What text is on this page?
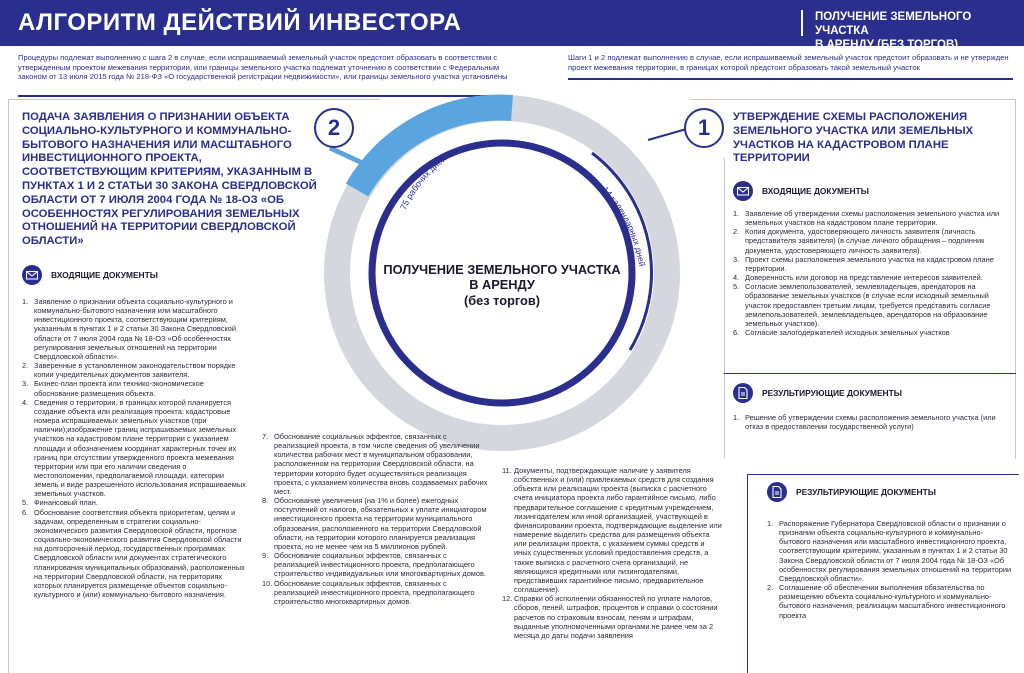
АЛГОРИТМ ДЕЙСТВИЙ ИНВЕСТОРА	ПОЛУЧЕНИЕ ЗЕМЕЛЬНОГО УЧАСТКА
В АРЕНДУ (БЕЗ ТОРГОВ)
Процедуры подлежат выполнению с шага 2 в случае, если испрашиваемый земельный участок предстоит образовать в соответствии с утвержденным проектом межевания территории, или границы земельного участка подлежат уточнению в соответствии с Федеральным законом от 13 июля 2015 года № 218-ФЗ «О государственной регистрации недвижимости», или границы земельного участка установлены
Шаги 1 и 2 подлежат выполнению в случае, если испрашиваемый земельный участок предстоит образовать и не утвержден проект межевания территории, в границах которой предстоит образовать такой земельный участок
75 рабочих дней
14 календарных дней
ПОЛУЧЕНИЕ ЗЕМЕЛЬНОГО УЧАСТКА В АРЕНДУ
(без торгов)
2
ПОДАЧА ЗАЯВЛЕНИЯ О ПРИЗНАНИИ ОБЪЕКТА СОЦИАЛЬНО-КУЛЬТУРНОГО И КОММУНАЛЬНО-БЫТОВОГО НАЗНАЧЕНИЯ ИЛИ МАСШТАБНОГО ИНВЕСТИЦИОННОГО ПРОЕКТА, СООТВЕТСТВУЮЩИМ КРИТЕРИЯМ, УКАЗАННЫМ В ПУНКТАХ 1 И 2 СТАТЬИ 30 ЗАКОНА СВЕРДЛОВСКОЙ ОБЛАСТИ ОТ 7 ИЮЛЯ 2004 ГОДА № 18-ОЗ «ОБ ОСОБЕННОСТЯХ РЕГУЛИРОВАНИЯ ЗЕМЕЛЬНЫХ ОТНОШЕНИЙ НА ТЕРРИТОРИИ СВЕРДЛОВСКОЙ ОБЛАСТИ»
ВХОДЯЩИЕ ДОКУМЕНТЫ
1. Заявление о признании объекта социально-культурного и коммунально-бытового назначения или масштабного инвестиционного проекта, соответствующим критериям, указанным в пунктах 1 и 2 статьи 30 Закона Свердловской области от 7 июля 2004 года № 18-ОЗ «Об особенностях регулирования земельных отношений на территории Свердловской области».
2. Заверенные в установленном законодательством порядке копии учредительных документов заявителя.
3. Бизнес-план проекта или технико-экономическое обоснование размещения объекта.
4. Сведения о территории, в границах которой планируется создание объекта или реализация проекта: кадастровые номера испрашиваемых земельных участков (при наличии);изображение границ испрашиваемых земельных участков на кадастровом плане территории с указанием площади и обозначением координат характерных точек их границ при отсутствии утвержденного проекта межевания территории или при его наличии сведения о местоположении, предполагаемой площади, категории земель и виде разрешенного использования испрашиваемых земельных участков.
5. Финансовый план.
6. Обоснование соответствия объекта приоритетам, целям и задачам, определенным в стратегии социально-экономического развития Свердловской области, прогнозе социально-экономического развития Свердловской области на долгосрочный период, государственных программах Свердловской области или документах стратегического планирования муниципальных образований, расположенных на территории Свердловской области, на территориях которых планируется размещение объектов социально-культурного и (или) коммунально-бытового назначения.
7. Обоснование социальных эффектов, связанных с реализацией проекта, в том числе сведения об увеличении количества рабочих мест в муниципальном образовании, расположенном на территории Свердловской области, на территории которого будет осуществляться реализация проекта, с указанием количества вновь создаваемых рабочих мест.
8. Обоснование увеличения (на 1% и более) ежегодных поступлений от налогов, обязательных к уплате инициатором инвестиционного проекта на территории муниципального образования, расположенного на территории Свердловской области, на территории которого планируется реализация проекта, но не менее чем на 5 миллионов рублей.
9. Обоснование социальных эффектов, связанных с реализацией инвестиционного проекта, предполагающего строительство индивидуальных или многоквартирных домов.
10. Обоснование социальных эффектов, связанных с реализацией инвестиционного проекта, предполагающего строительство многоквартирных домов.
11. Документы, подтверждающие наличие у заявителя собственных и (или) привлекаемых средств для создания объекта или реализации проекта (выписка с расчетного счета инициатора проекта либо гарантийное письмо, либо предварительное соглашение с кредитным учреждением, лизингодателем или иной организацией, участвующей в финансировании проекта, подтверждающие выделение или намерение выделить средства для размещения объекта или реализации проекта, с указанием суммы средств и иных существенных условий предоставления средств, а также выписка с расчетного счета организаций, не являющихся кредитными или лизингодателями, представивших гарантийное письмо, предварительное соглашение).
12. Справки об исполнении обязанностей по уплате налогов, сборов, пеней, штрафов, процентов и справки о состоянии расчетов по страховым взносам, пеням и штрафам, выданные уполномоченными органами не ранее чем за 2 месяца до даты подачи заявления
РЕЗУЛЬТИРУЮЩИЕ ДОКУМЕНТЫ
1. Распоряжение Губернатора Свердловской области о признании о признании объекта социально-культурного и коммунально-бытового назначения или масштабного инвестиционного проекта, соответствующим критериям, указанным в пунктах 1 и 2 статьи 30 Закона Свердловской области от 7 июля 2004 года № 18-ОЗ «Об особенностях регулирования земельных отношений на территории Свердловской области».
2. Соглашение об обеспечении выполнения обязательства по размещению объекта социально-культурного и коммунально-бытового назначения, реализации масштабного инвестиционного проекта
1	УТВЕРЖДЕНИЕ СХЕМЫ РАСПОЛОЖЕНИЯ ЗЕМЕЛЬНОГО УЧАСТКА ИЛИ ЗЕМЕЛЬНЫХ УЧАСТКОВ НА КАДАСТРОВОМ ПЛАНЕ ТЕРРИТОРИИ
ВХОДЯЩИЕ ДОКУМЕНТЫ
1. Заявление об утверждении схемы расположения земельного участка или земельных участков на кадастровом плане территории.
2. Копия документа, удостоверяющего личность заявителя (личность представителя заявителя) (в случае личного обращения – подлинник документа, удостоверяющего личность заявителя).
3. Проект схемы расположения земельного участка на кадастровом плане территории.
4. Доверенность или договор на представление интересов заявителей.
5. Согласие землепользователей, землевладельцев, арендаторов на образование земельных участков (в случае если исходный земельный участок предоставлен третьим лицам, требуется представить согласие землепользователей, землевладельцев, арендаторов на образование земельных участков).
6. Согласие залогодержателей исходных земельных участков
РЕЗУЛЬТИРУЮЩИЕ ДОКУМЕНТЫ
1. Решение об утверждении схемы расположения земельного участка (или отказ в предоставлении государственной услуги)
